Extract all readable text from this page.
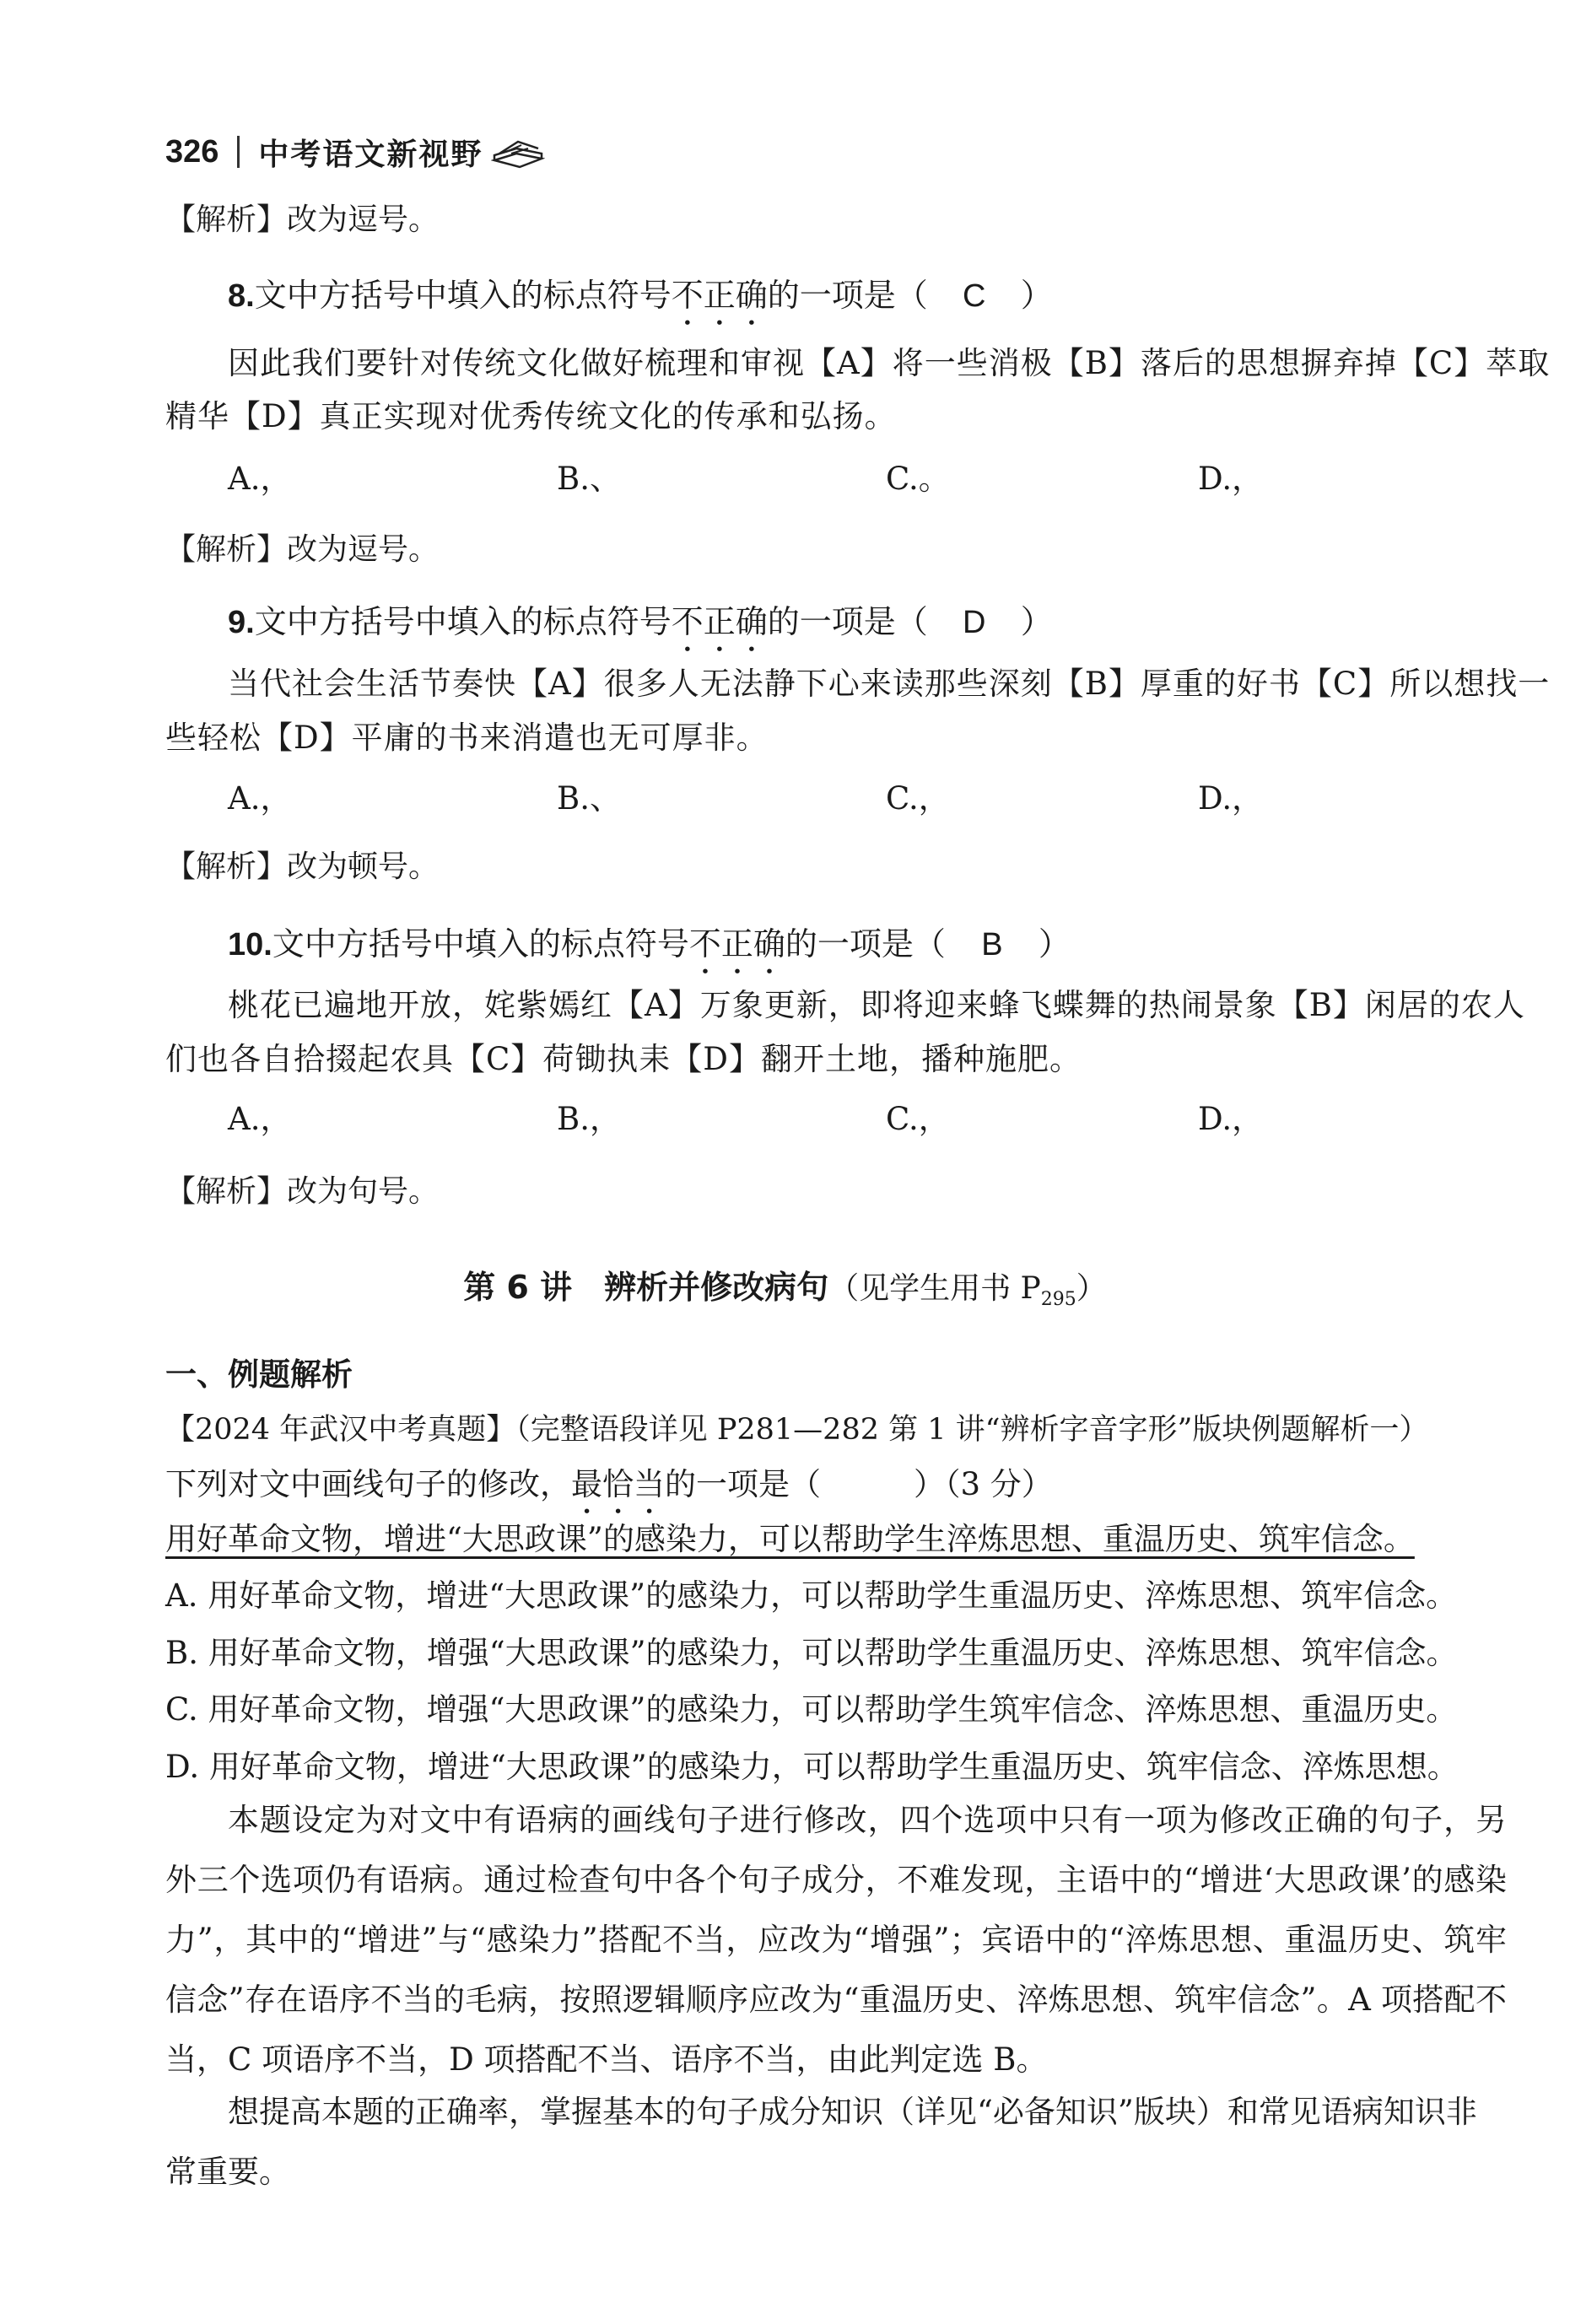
326 中考语文新视野
【解析】改为逗号。
8.文中方括号中填入的标点符号不正确的一项是（ C ）
因此我们要针对传统文化做好梳理和审视【A】将一些消极【B】落后的思想摒弃掉【C】萃取
精华【D】真正实现对优秀传统文化的传承和弘扬。
A.，	B.、	C.。	D.，
【解析】改为逗号。
9.文中方括号中填入的标点符号不正确的一项是（ D ）
当代社会生活节奏快【A】很多人无法静下心来读那些深刻【B】厚重的好书【C】所以想找一
些轻松【D】平庸的书来消遣也无可厚非。
A.，	B.、	C.，	D.，
【解析】改为顿号。
10.文中方括号中填入的标点符号不正确的一项是（ B ）
桃花已遍地开放，姹紫嫣红【A】万象更新，即将迎来蜂飞蝶舞的热闹景象【B】闲居的农人
们也各自拾掇起农具【C】荷锄执耒【D】翻开土地，播种施肥。
A.，	B.，	C.，	D.，
【解析】改为句号。
第 6 讲　辨析并修改病句（见学生用书 $P_{295}$）
一、例题解析
【2024 年武汉中考真题】（完整语段详见 P281—282 第 1 讲“辨析字音字形”版块例题解析一）
下列对文中画线句子的修改，最恰当的一项是（	）（3 分）
用好革命文物，增进“大思政课”的感染力，可以帮助学生淬炼思想、重温历史、筑牢信念。
A. 用好革命文物，增进“大思政课”的感染力，可以帮助学生重温历史、淬炼思想、筑牢信念。
B. 用好革命文物，增强“大思政课”的感染力，可以帮助学生重温历史、淬炼思想、筑牢信念。
C. 用好革命文物，增强“大思政课”的感染力，可以帮助学生筑牢信念、淬炼思想、重温历史。
D. 用好革命文物，增进“大思政课”的感染力，可以帮助学生重温历史、筑牢信念、淬炼思想。
本题设定为对文中有语病的画线句子进行修改，四个选项中只有一项为修改正确的句子，另外三个选项仍有语病。通过检查句中各个句子成分，不难发现，主语中的“增进‘大思政课’的感染力”，其中的“增进”与“感染力”搭配不当，应改为“增强”；宾语中的“淬炼思想、重温历史、筑牢信念”存在语序不当的毛病，按照逻辑顺序应改为“重温历史、淬炼思想、筑牢信念”。A 项搭配不当，C 项语序不当，D 项搭配不当、语序不当，由此判定选 B。
想提高本题的正确率，掌握基本的句子成分知识（详见“必备知识”版块）和常见语病知识非常重要。
